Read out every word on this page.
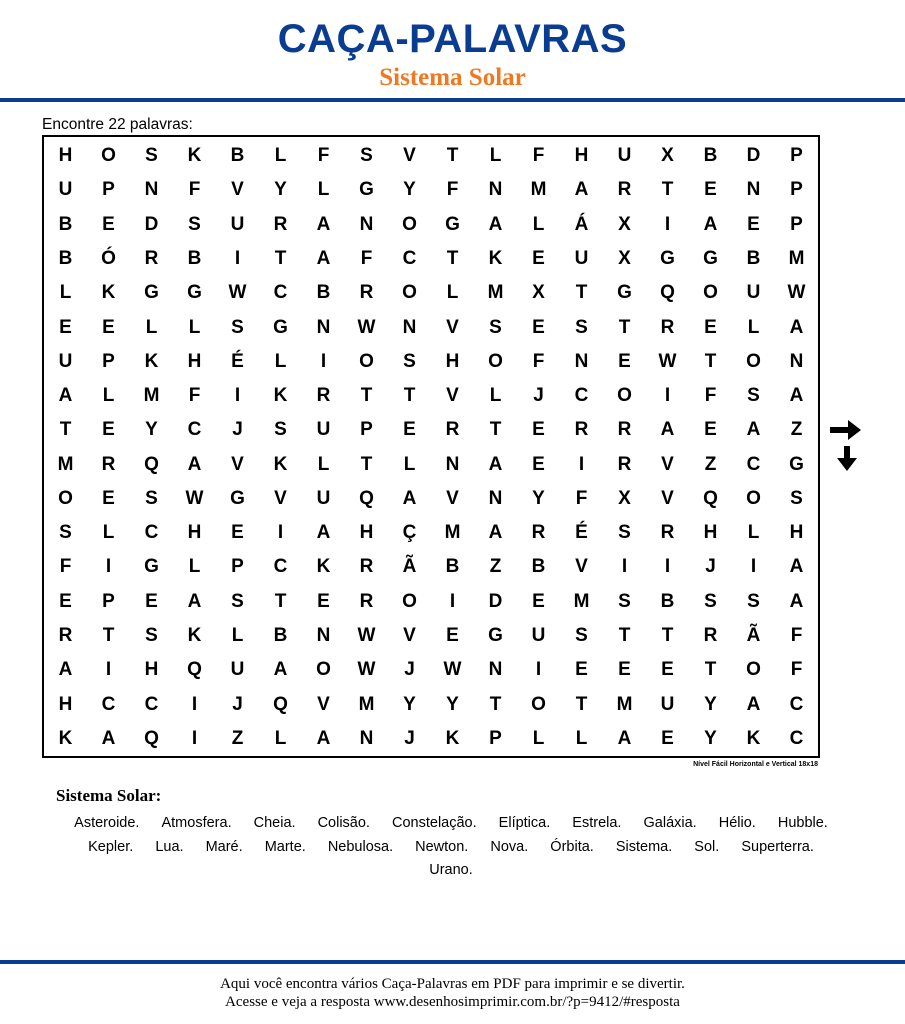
CAÇA-PALAVRAS
Sistema Solar
Encontre 22 palavras:
H	O	S	K	B	L	F	S	V	T	L	F	H	U	X	B	D	P
U	P	N	F	V	Y	L	G	Y	F	N	M	A	R	T	E	N	P
B	E	D	S	U	R	A	N	O	G	A	L	Á	X	I	A	E	P
B	Ó	R	B	I	T	A	F	C	T	K	E	U	X	G	G	B	M
L	K	G	G	W	C	B	R	O	L	M	X	T	G	Q	O	U	W
E	E	L	L	S	G	N	W	N	V	S	E	S	T	R	E	L	A
U	P	K	H	É	L	I	O	S	H	O	F	N	E	W	T	O	N
A	L	M	F	I	K	R	T	T	V	L	J	C	O	I	F	S	A
T	E	Y	C	J	S	U	P	E	R	T	E	R	R	A	E	A	Z
M	R	Q	A	V	K	L	T	L	N	A	E	I	R	V	Z	C	G
O	E	S	W	G	V	U	Q	A	V	N	Y	F	X	V	Q	O	S
S	L	C	H	E	I	A	H	Ç	M	A	R	É	S	R	H	L	H
F	I	G	L	P	C	K	R	Ã	B	Z	B	V	I	I	J	I	A
E	P	E	A	S	T	E	R	O	I	D	E	M	S	B	S	S	A
R	T	S	K	L	B	N	W	V	E	G	U	S	T	T	R	Ã	F
A	I	H	Q	U	A	O	W	J	W	N	I	E	E	E	T	O	F
H	C	C	I	J	Q	V	M	Y	Y	T	O	T	M	U	Y	A	C
K	A	Q	I	Z	L	A	N	J	K	P	L	L	A	E	Y	K	C
Nível Fácil Horizontal e Vertical 18x18
Sistema Solar:
Asteroide. Atmosfera. Cheia. Colisão. Constelação. Elíptica. Estrela. Galáxia. Hélio. Hubble. Kepler. Lua. Maré. Marte. Nebulosa. Newton. Nova. Órbita. Sistema. Sol. Superterra. Urano.
Aqui você encontra vários Caça-Palavras em PDF para imprimir e se divertir.
Acesse e veja a resposta www.desenhosimprimir.com.br/?p=9412/#resposta
